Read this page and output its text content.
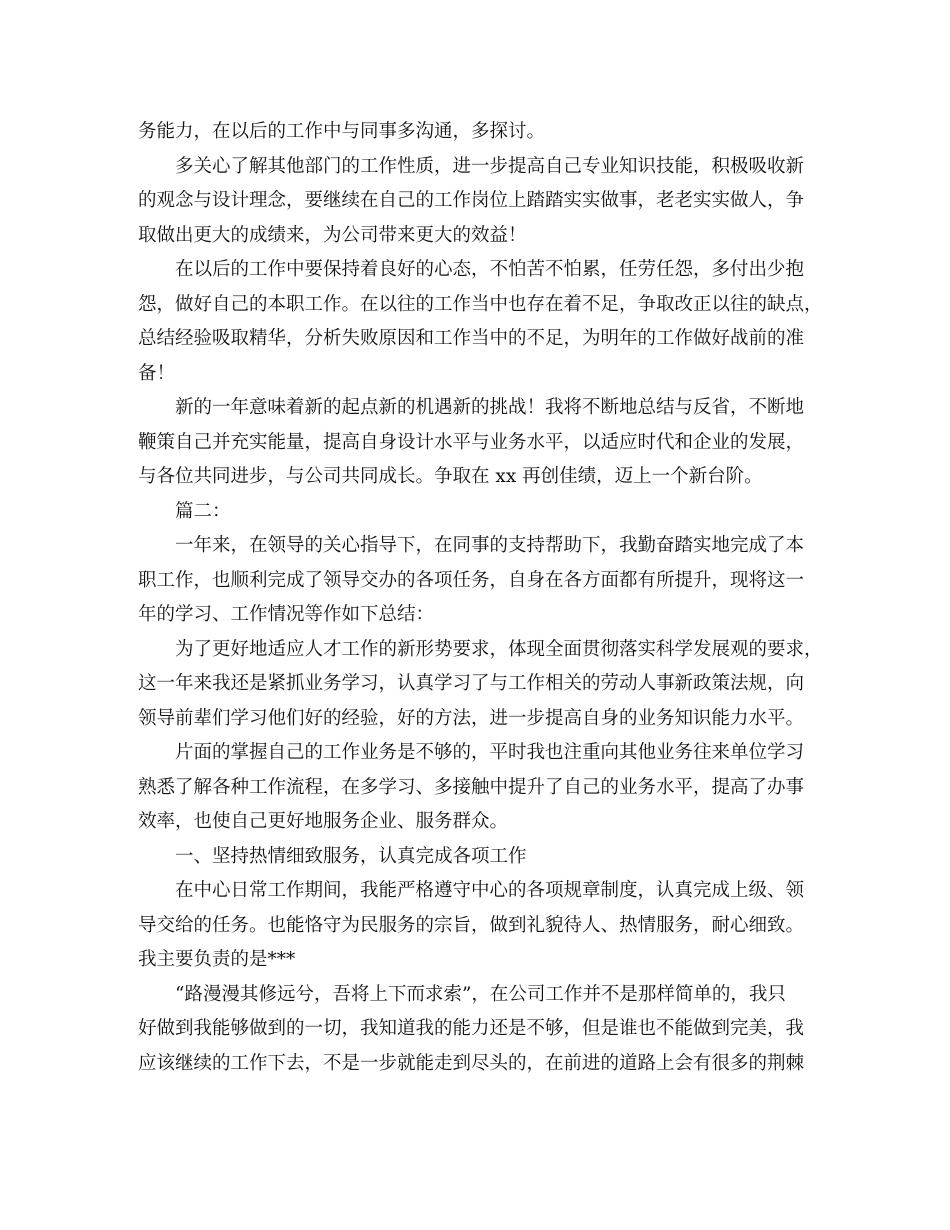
务能力，在以后的工作中与同事多沟通，多探讨。
多关心了解其他部门的工作性质，进一步提高自己专业知识技能，积极吸收新
的观念与设计理念，要继续在自己的工作岗位上踏踏实实做事，老老实实做人，争
取做出更大的成绩来，为公司带来更大的效益！
在以后的工作中要保持着良好的心态，不怕苦不怕累，任劳任怨，多付出少抱
怨，做好自己的本职工作。在以往的工作当中也存在着不足，争取改正以往的缺点，
总结经验吸取精华，分析失败原因和工作当中的不足，为明年的工作做好战前的准
备！
新的一年意味着新的起点新的机遇新的挑战！我将不断地总结与反省，不断地
鞭策自己并充实能量，提高自身设计水平与业务水平，以适应时代和企业的发展，
与各位共同进步，与公司共同成长。争取在 xx 再创佳绩，迈上一个新台阶。
篇二：
一年来，在领导的关心指导下，在同事的支持帮助下，我勤奋踏实地完成了本
职工作，也顺利完成了领导交办的各项任务，自身在各方面都有所提升，现将这一
年的学习、工作情况等作如下总结：
为了更好地适应人才工作的新形势要求，体现全面贯彻落实科学发展观的要求，
这一年来我还是紧抓业务学习，认真学习了与工作相关的劳动人事新政策法规，向
领导前辈们学习他们好的经验，好的方法，进一步提高自身的业务知识能力水平。
片面的掌握自己的工作业务是不够的，平时我也注重向其他业务往来单位学习
熟悉了解各种工作流程，在多学习、多接触中提升了自己的业务水平，提高了办事
效率，也使自己更好地服务企业、服务群众。
一、坚持热情细致服务，认真完成各项工作
在中心日常工作期间，我能严格遵守中心的各项规章制度，认真完成上级、领
导交给的任务。也能恪守为民服务的宗旨，做到礼貌待人、热情服务，耐心细致。
我主要负责的是***
“路漫漫其修远兮，吾将上下而求索”，在公司工作并不是那样简单的，我只
好做到我能够做到的一切，我知道我的能力还是不够，但是谁也不能做到完美，我
应该继续的工作下去，不是一步就能走到尽头的，在前进的道路上会有很多的荆棘
